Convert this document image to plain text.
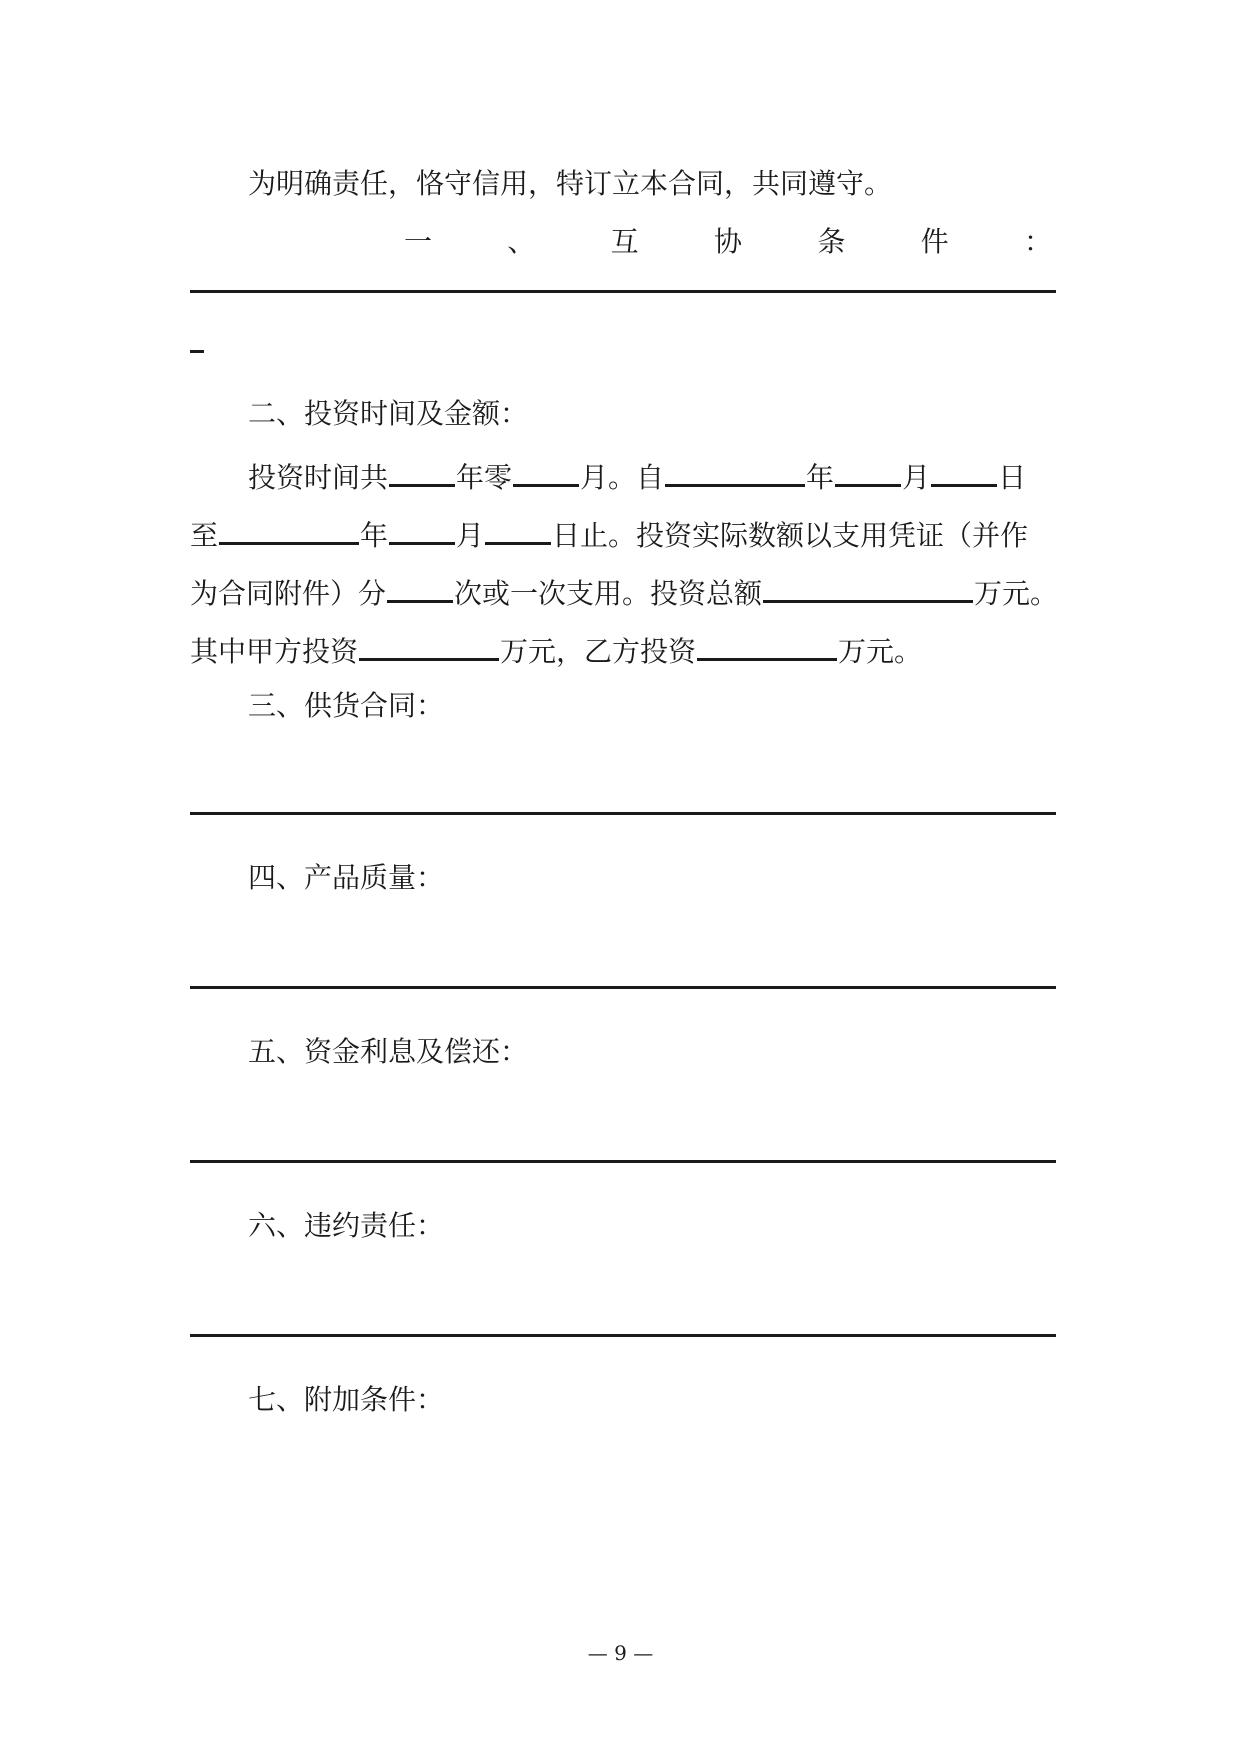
为明确责任，恪守信用，特订立本合同，共同遵守。
一	、	互	协	条	件	：
二、投资时间及金额：
投资时间共 年零 月。自	年 月 日
至	年 月 日止。投资实际数额以支用凭证（并作
为合同附件）分 次或一次支用。投资总额	万元。
其中甲方投资	万元，乙方投资	万元。
三、供货合同：
四、产品质量：
五、资金利息及偿还：
六、违约责任：
七、附加条件：
— 9 —
